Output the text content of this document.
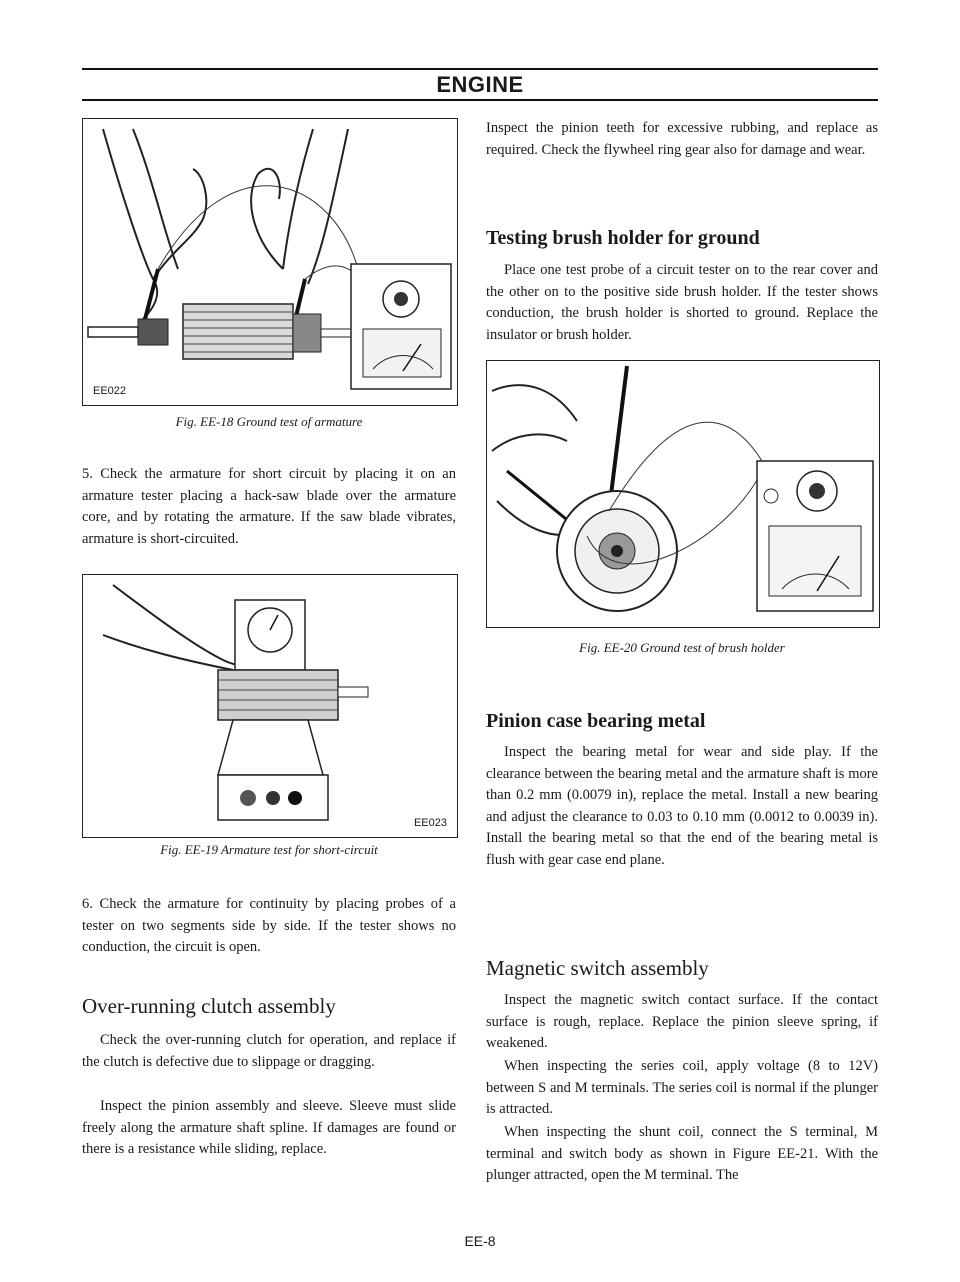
ENGINE
EE022
Fig. EE-18 Ground test of armature

5. Check the armature for short circuit by placing it on an armature tester placing a hack-saw blade over the armature core, and by rotating the armature. If the saw blade vibrates, armature is short-circuited.

EE023
Fig. EE-19 Armature test for short-circuit

6. Check the armature for continuity by placing probes of a tester on two segments side by side. If the tester shows no conduction, the circuit is open.

Over-running clutch assembly

Check the over-running clutch for operation, and replace if the clutch is defective due to slippage or dragging.

Inspect the pinion assembly and sleeve. Sleeve must slide freely along the armature shaft spline. If damages are found or there is a resistance while sliding, replace.

Inspect the pinion teeth for excessive rubbing, and replace as required. Check the flywheel ring gear also for damage and wear.

Testing brush holder for ground

Place one test probe of a circuit tester on to the rear cover and the other on to the positive side brush holder. If the tester shows conduction, the brush holder is shorted to ground. Replace the insulator or brush holder.

Fig. EE-20 Ground test of brush holder
Pinion case bearing metal

Inspect the bearing metal for wear and side play. If the clearance between the bearing metal and the armature shaft is more than 0.2 mm (0.0079 in), replace the metal. Install a new bearing and adjust the clearance to 0.03 to 0.10 mm (0.0012 to 0.0039 in). Install the bearing metal so that the end of the bearing metal is flush with gear case end plane.

Magnetic switch assembly

Inspect the magnetic switch contact surface. If the contact surface is rough, replace. Replace the pinion sleeve spring, if weakened.

When inspecting the series coil, apply voltage (8 to 12V) between S and M terminals. The series coil is normal if the plunger is attracted.

When inspecting the shunt coil, connect the S terminal, M terminal and switch body as shown in Figure EE-21. With the plunger attracted, open the M terminal. The

EE-8
